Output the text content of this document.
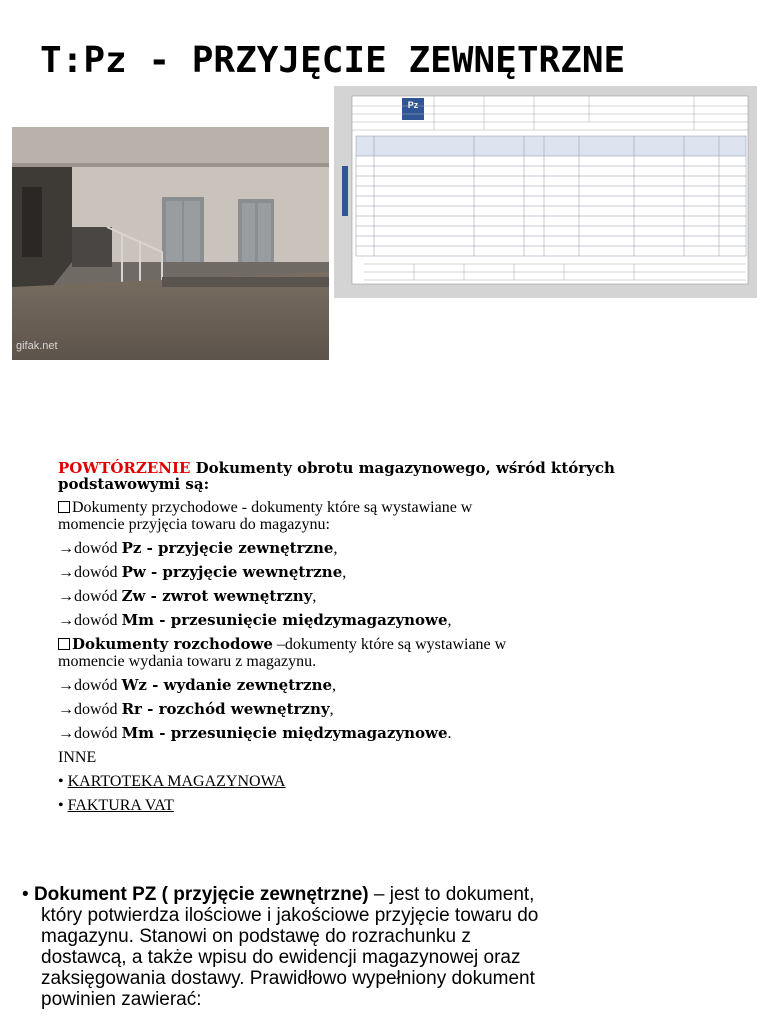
T:Pz - PRZYJĘCIE ZEWNĘTRZNE
gifak.net
Pz
POWTÓRZENIE Dokumenty obrotu magazynowego, wśród których
podstawowymi są:
Dokumenty przychodowe - dokumenty które są wystawiane w
momencie przyjęcia towaru do magazynu:
→dowód Pz - przyjęcie zewnętrzne,
→dowód Pw - przyjęcie wewnętrzne,
→dowód Zw - zwrot wewnętrzny,
→dowód Mm - przesunięcie międzymagazynowe,
Dokumenty rozchodowe –dokumenty które są wystawiane w
momencie wydania towaru z magazynu.
→dowód Wz - wydanie zewnętrzne,
→dowód Rr - rozchód wewnętrzny,
→dowód Mm - przesunięcie międzymagazynowe.
INNE
• KARTOTEKA MAGAZYNOWA
• FAKTURA VAT
• Dokument PZ ( przyjęcie zewnętrzne) – jest to dokument,
który potwierdza ilościowe i jakościowe przyjęcie towaru do
magazynu. Stanowi on podstawę do rozrachunku z
dostawcą, a także wpisu do ewidencji magazynowej oraz
zaksięgowania dostawy. Prawidłowo wypełniony dokument
powinien zawierać:
